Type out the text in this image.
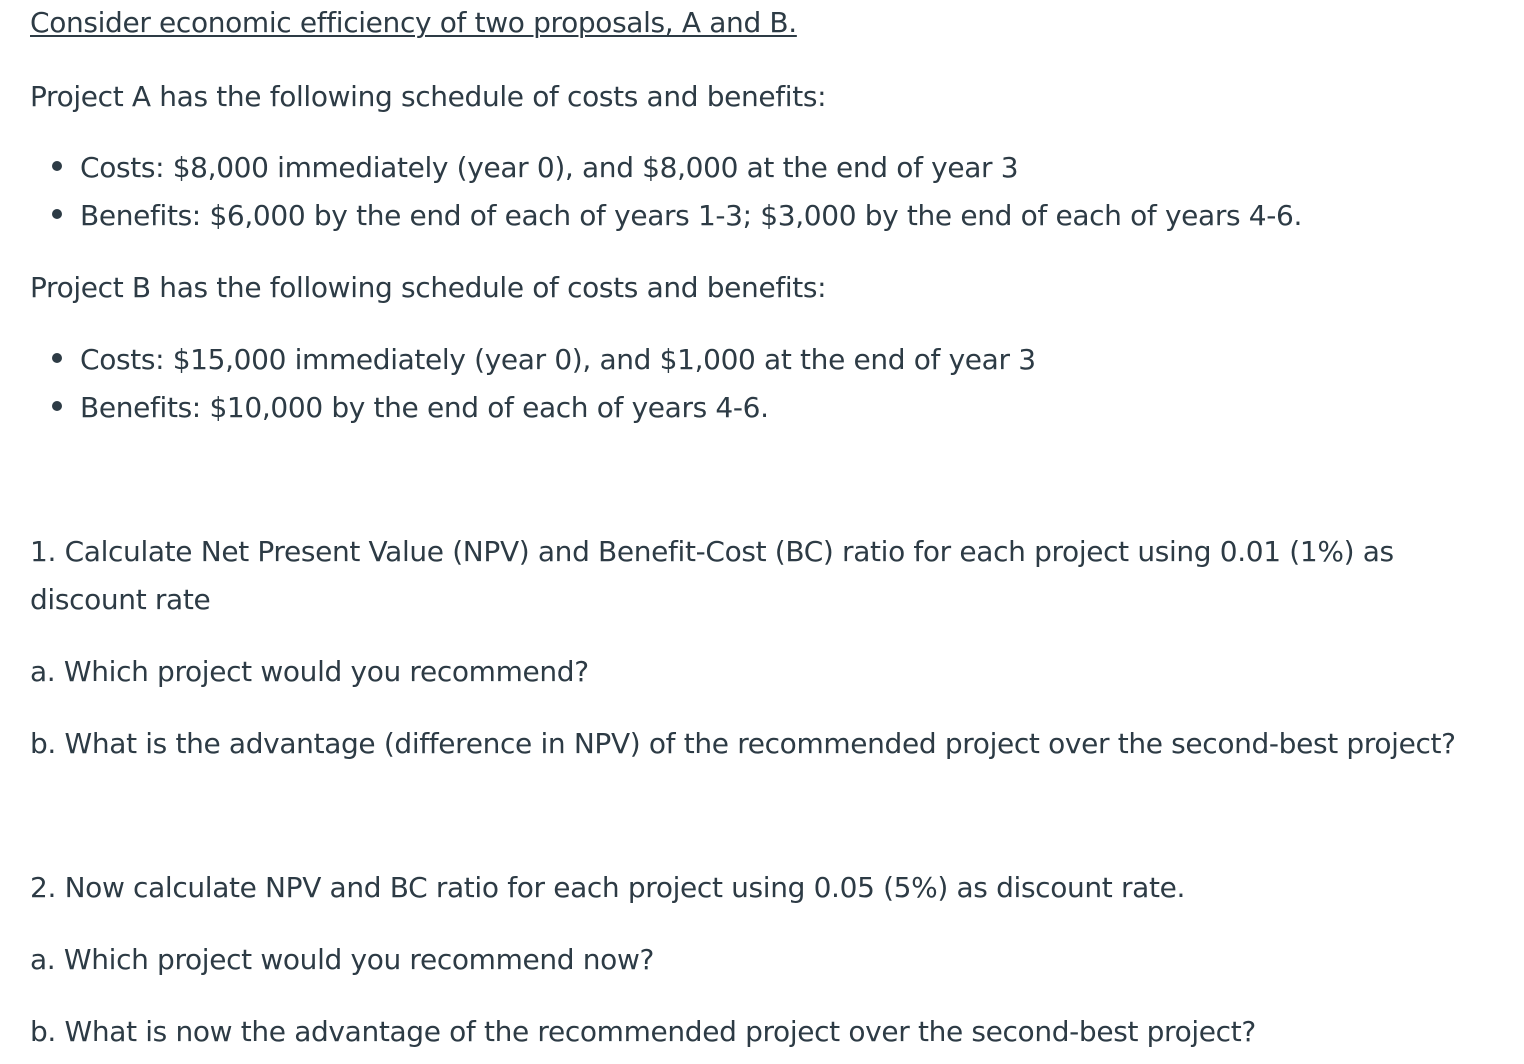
Consider economic efficiency of two proposals, A and B.
Project A has the following schedule of costs and benefits:
Costs: $8,000 immediately (year 0), and $8,000 at the end of year 3
Benefits: $6,000 by the end of each of years 1-3; $3,000 by the end of each of years 4-6.
Project B has the following schedule of costs and benefits:
Costs: $15,000 immediately (year 0), and $1,000 at the end of year 3
Benefits: $10,000 by the end of each of years 4-6.
1. Calculate Net Present Value (NPV) and Benefit-Cost (BC) ratio for each project using 0.01 (1%) as
discount rate
a. Which project would you recommend?
b. What is the advantage (difference in NPV) of the recommended project over the second-best project?
2. Now calculate NPV and BC ratio for each project using 0.05 (5%) as discount rate.
a. Which project would you recommend now?
b. What is now the advantage of the recommended project over the second-best project?
